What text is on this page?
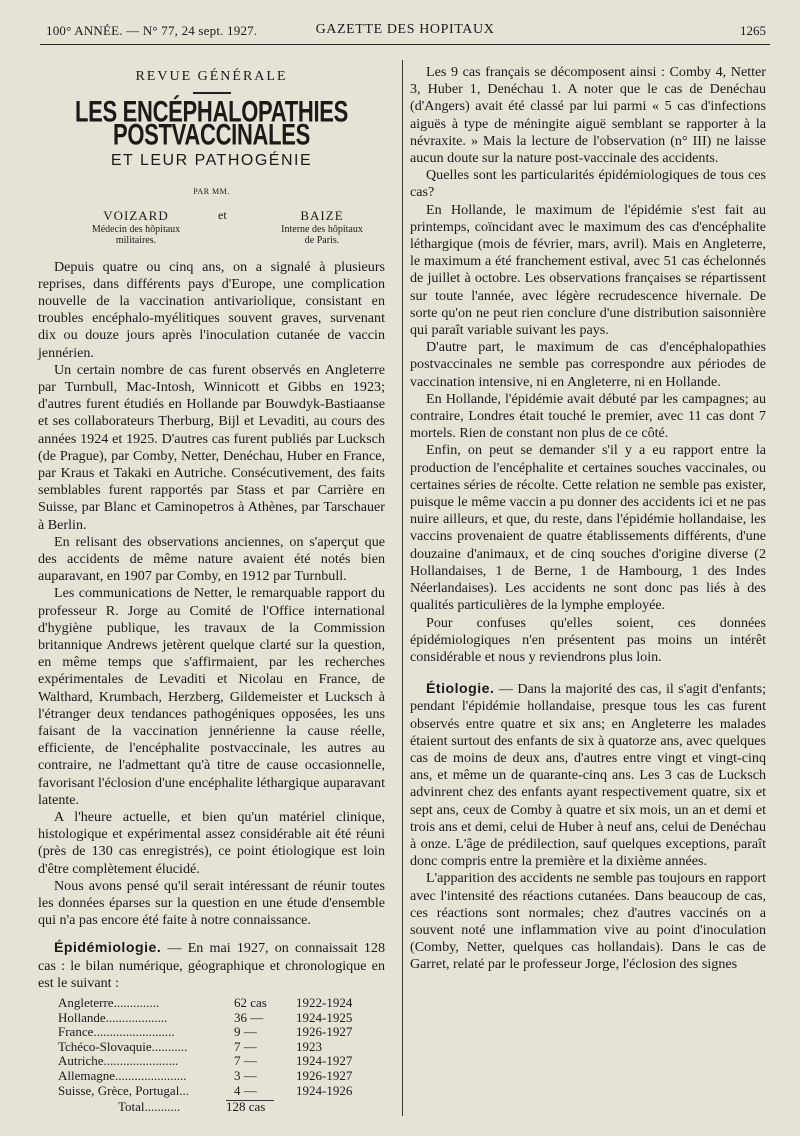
100° ANNÉE. — N° 77, 24 sept. 1927.	GAZETTE DES HOPITAUX	1265
REVUE GÉNÉRALE
LES ENCÉPHALOPATHIES POSTVACCINALES
ET LEUR PATHOGÉNIE
PAR MM.
VOIZARD
Médecin des hôpitaux
militaires.
et	BAIZE
Interne des hôpitaux
de Paris.

Depuis quatre ou cinq ans, on a signalé à plusieurs reprises, dans différents pays d'Europe, une complication nouvelle de la vaccination antivariolique, consistant en troubles encéphalo-myélitiques souvent graves, survenant dix ou douze jours après l'inoculation cutanée de vaccin jennérien.

Un certain nombre de cas furent observés en Angleterre par Turnbull, Mac-Intosh, Winnicott et Gibbs en 1923; d'autres furent étudiés en Hollande par Bouwdyk-Bastiaanse et ses collaborateurs Therburg, Bijl et Levaditi, au cours des années 1924 et 1925. D'autres cas furent publiés par Lucksch (de Prague), par Comby, Netter, Denéchau, Huber en France, par Kraus et Takaki en Autriche. Consécutivement, des faits semblables furent rapportés par Stass et par Carrière en Suisse, par Blanc et Caminopetros à Athènes, par Tarschauer à Berlin.

En relisant des observations anciennes, on s'aperçut que des accidents de même nature avaient été notés bien auparavant, en 1907 par Comby, en 1912 par Turnbull.

Les communications de Netter, le remarquable rapport du professeur R. Jorge au Comité de l'Office international d'hygiène publique, les travaux de la Commission britannique Andrews jetèrent quelque clarté sur la question, en même temps que s'affirmaient, par les recherches expérimentales de Levaditi et Nicolau en France, de Walthard, Krumbach, Herzberg, Gildemeister et Lucksch à l'étranger deux tendances pathogéniques opposées, les uns faisant de la vaccination jennérienne la cause réelle, efficiente, de l'encéphalite postvaccinale, les autres au contraire, ne l'admettant qu'à titre de cause occasionnelle, favorisant l'éclosion d'une encéphalite léthargique auparavant latente.

A l'heure actuelle, et bien qu'un matériel clinique, histologique et expérimental assez considérable ait été réuni (près de 130 cas enregistrés), ce point étiologique est loin d'être complètement élucidé.

Nous avons pensé qu'il serait intéressant de réunir toutes les données éparses sur la question en une étude d'ensemble qui n'a pas encore été faite à notre connaissance.

Épidémiologie. — En mai 1927, on connaissait 128 cas : le bilan numérique, géographique et chronologique en est le suivant :

Angleterre..............	62 cas 1922-1924
Hollande...................	36 —	1924-1925
France.........................	9 —	1926-1927
Tchéco-Slovaquie...........	7 —	1923
Autriche.......................	7 —	1924-1927
Allemagne......................	3 —	1926-1927
Suisse, Grèce, Portugal...	4 —	1924-1926
Total...........	128 cas

Les 9 cas français se décomposent ainsi : Comby 4, Netter 3, Huber 1, Denéchau 1. A noter que le cas de Denéchau (d'Angers) avait été classé par lui parmi « 5 cas d'infections aiguës à type de méningite aiguë semblant se rapporter à la névraxite. » Mais la lecture de l'observation (n° III) ne laisse aucun doute sur la nature post-vaccinale des accidents.

Quelles sont les particularités épidémiologiques de tous ces cas?

En Hollande, le maximum de l'épidémie s'est fait au printemps, coïncidant avec le maximum des cas d'encéphalite léthargique (mois de février, mars, avril). Mais en Angleterre, le maximum a été franchement estival, avec 51 cas échelonnés de juillet à octobre. Les observations françaises se répartissent sur toute l'année, avec légère recrudescence hivernale. De sorte qu'on ne peut rien conclure d'une distribution saisonnière qui paraît variable suivant les pays.

D'autre part, le maximum de cas d'encéphalopathies postvaccinales ne semble pas correspondre aux périodes de vaccination intensive, ni en Angleterre, ni en Hollande.

En Hollande, l'épidémie avait débuté par les campagnes; au contraire, Londres était touché le premier, avec 11 cas dont 7 mortels. Rien de constant non plus de ce côté.

Enfin, on peut se demander s'il y a eu rapport entre la production de l'encéphalite et certaines souches vaccinales, ou certaines séries de récolte. Cette relation ne semble pas exister, puisque le même vaccin a pu donner des accidents ici et ne pas nuire ailleurs, et que, du reste, dans l'épidémie hollandaise, les vaccins provenaient de quatre établissements différents, d'une douzaine d'animaux, et de cinq souches d'origine diverse (2 Hollandaises, 1 de Berne, 1 de Hambourg, 1 des Indes Néerlandaises). Les accidents ne sont donc pas liés à des qualités particulières de la lymphe employée.

Pour confuses qu'elles soient, ces données épidémiologiques n'en présentent pas moins un intérêt considérable et nous y reviendrons plus loin.

Étiologie. — Dans la majorité des cas, il s'agit d'enfants; pendant l'épidémie hollandaise, presque tous les cas furent observés entre quatre et six ans; en Angleterre les malades étaient surtout des enfants de six à quatorze ans, avec quelques cas de moins de deux ans, d'autres entre vingt et vingt-cinq ans, et même un de quarante-cinq ans. Les 3 cas de Lucksch advinrent chez des enfants ayant respectivement quatre, six et sept ans, ceux de Comby à quatre et six mois, un an et demi et trois ans et demi, celui de Huber à neuf ans, celui de Denéchau à onze. L'âge de prédilection, sauf quelques exceptions, paraît donc compris entre la première et la dixième années.

L'apparition des accidents ne semble pas toujours en rapport avec l'intensité des réactions cutanées. Dans beaucoup de cas, ces réactions sont normales; chez d'autres vaccinés on a souvent noté une inflammation vive au point d'inoculation (Comby, Netter, quelques cas hollandais). Dans le cas de Garret, relaté par le professeur Jorge, l'éclosion des signes
